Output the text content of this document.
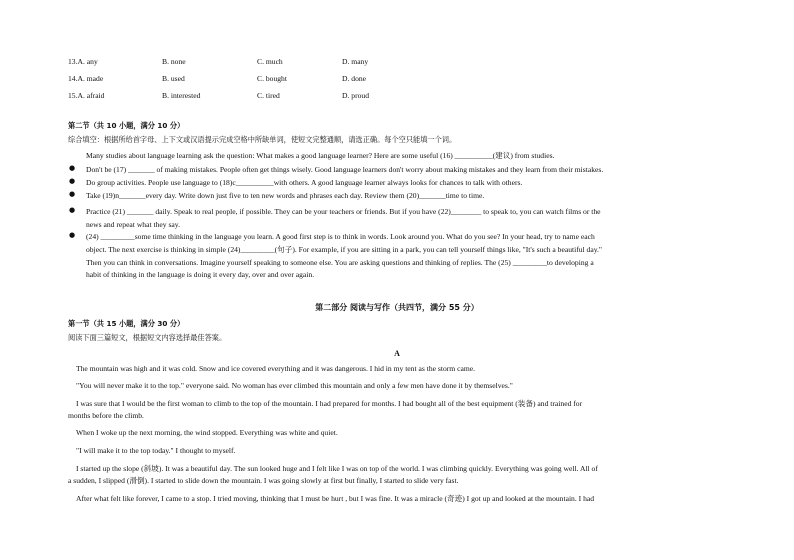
13.A. any	B. none	C. much	D. many
14.A. made	B. used	C. bought	D. done
15.A. afraid	B. interested	C. tired	D. proud
第二节（共 10 小题，满分 10 分）
综合填空：根据所给首字母、上下文或汉语提示完成空格中所缺单词，使短文完整通顺，请选正确。每个空只能填一个词。
Many studies about language learning ask the question: What makes a good language learner? Here are some useful (16) __________(建议) from studies.
● Don't be (17) _______ of making mistakes. People often get things wisely. Good language learners don't worry about making mistakes and they learn from their mistakes.
● Do group activities. People use language to (18)c__________with others. A good language learner always looks for chances to talk with others.
● Take (19)n_______every day. Write down just five to ten new words and phrases each day. Review them (20)_______time to time.
● Practice (21) _______ daily. Speak to real people, if possible. They can be your teachers or friends. But if you have (22)________ to speak to, you can watch films or the
news and repeat what they say.
● (24) _________some time thinking in the language you learn. A good first step is to think in words. Look around you. What do you see? In your head, try to name each
object. The next exercise is thinking in simple (24)_________(句子). For example, if you are sitting in a park, you can tell yourself things like, "It's such a beautiful day."
Then you can think in conversations. Imagine yourself speaking to someone else. You are asking questions and thinking of replies. The (25) _________to developing a
habit of thinking in the language is doing it every day, over and over again.
第二部分 阅读与写作（共四节，满分 55 分）
第一节（共 15 小题，满分 30 分）
阅读下面三篇短文，根据短文内容选择最佳答案。
A
The mountain was high and it was cold. Snow and ice covered everything and it was dangerous. I hid in my tent as the storm came.
"You will never make it to the top." everyone said. No woman has ever climbed this mountain and only a few men have done it by themselves."
I was sure that I would be the first woman to climb to the top of the mountain. I had prepared for months. I had bought all of the best equipment (装备) and trained for
months before the climb.
When I woke up the next morning, the wind stopped. Everything was white and quiet.
"I will make it to the top today." I thought to myself.
I started up the slope (斜坡). It was a beautiful day. The sun looked huge and I felt like I was on top of the world. I was climbing quickly. Everything was going well. All of
a sudden, I slipped (滑倒). I started to slide down the mountain. I was going slowly at first but finally, I started to slide very fast.
After what felt like forever, I came to a stop. I tried moving, thinking that I must be hurt , but I was fine. It was a miracle (奇迹) I got up and looked at the mountain. I had
